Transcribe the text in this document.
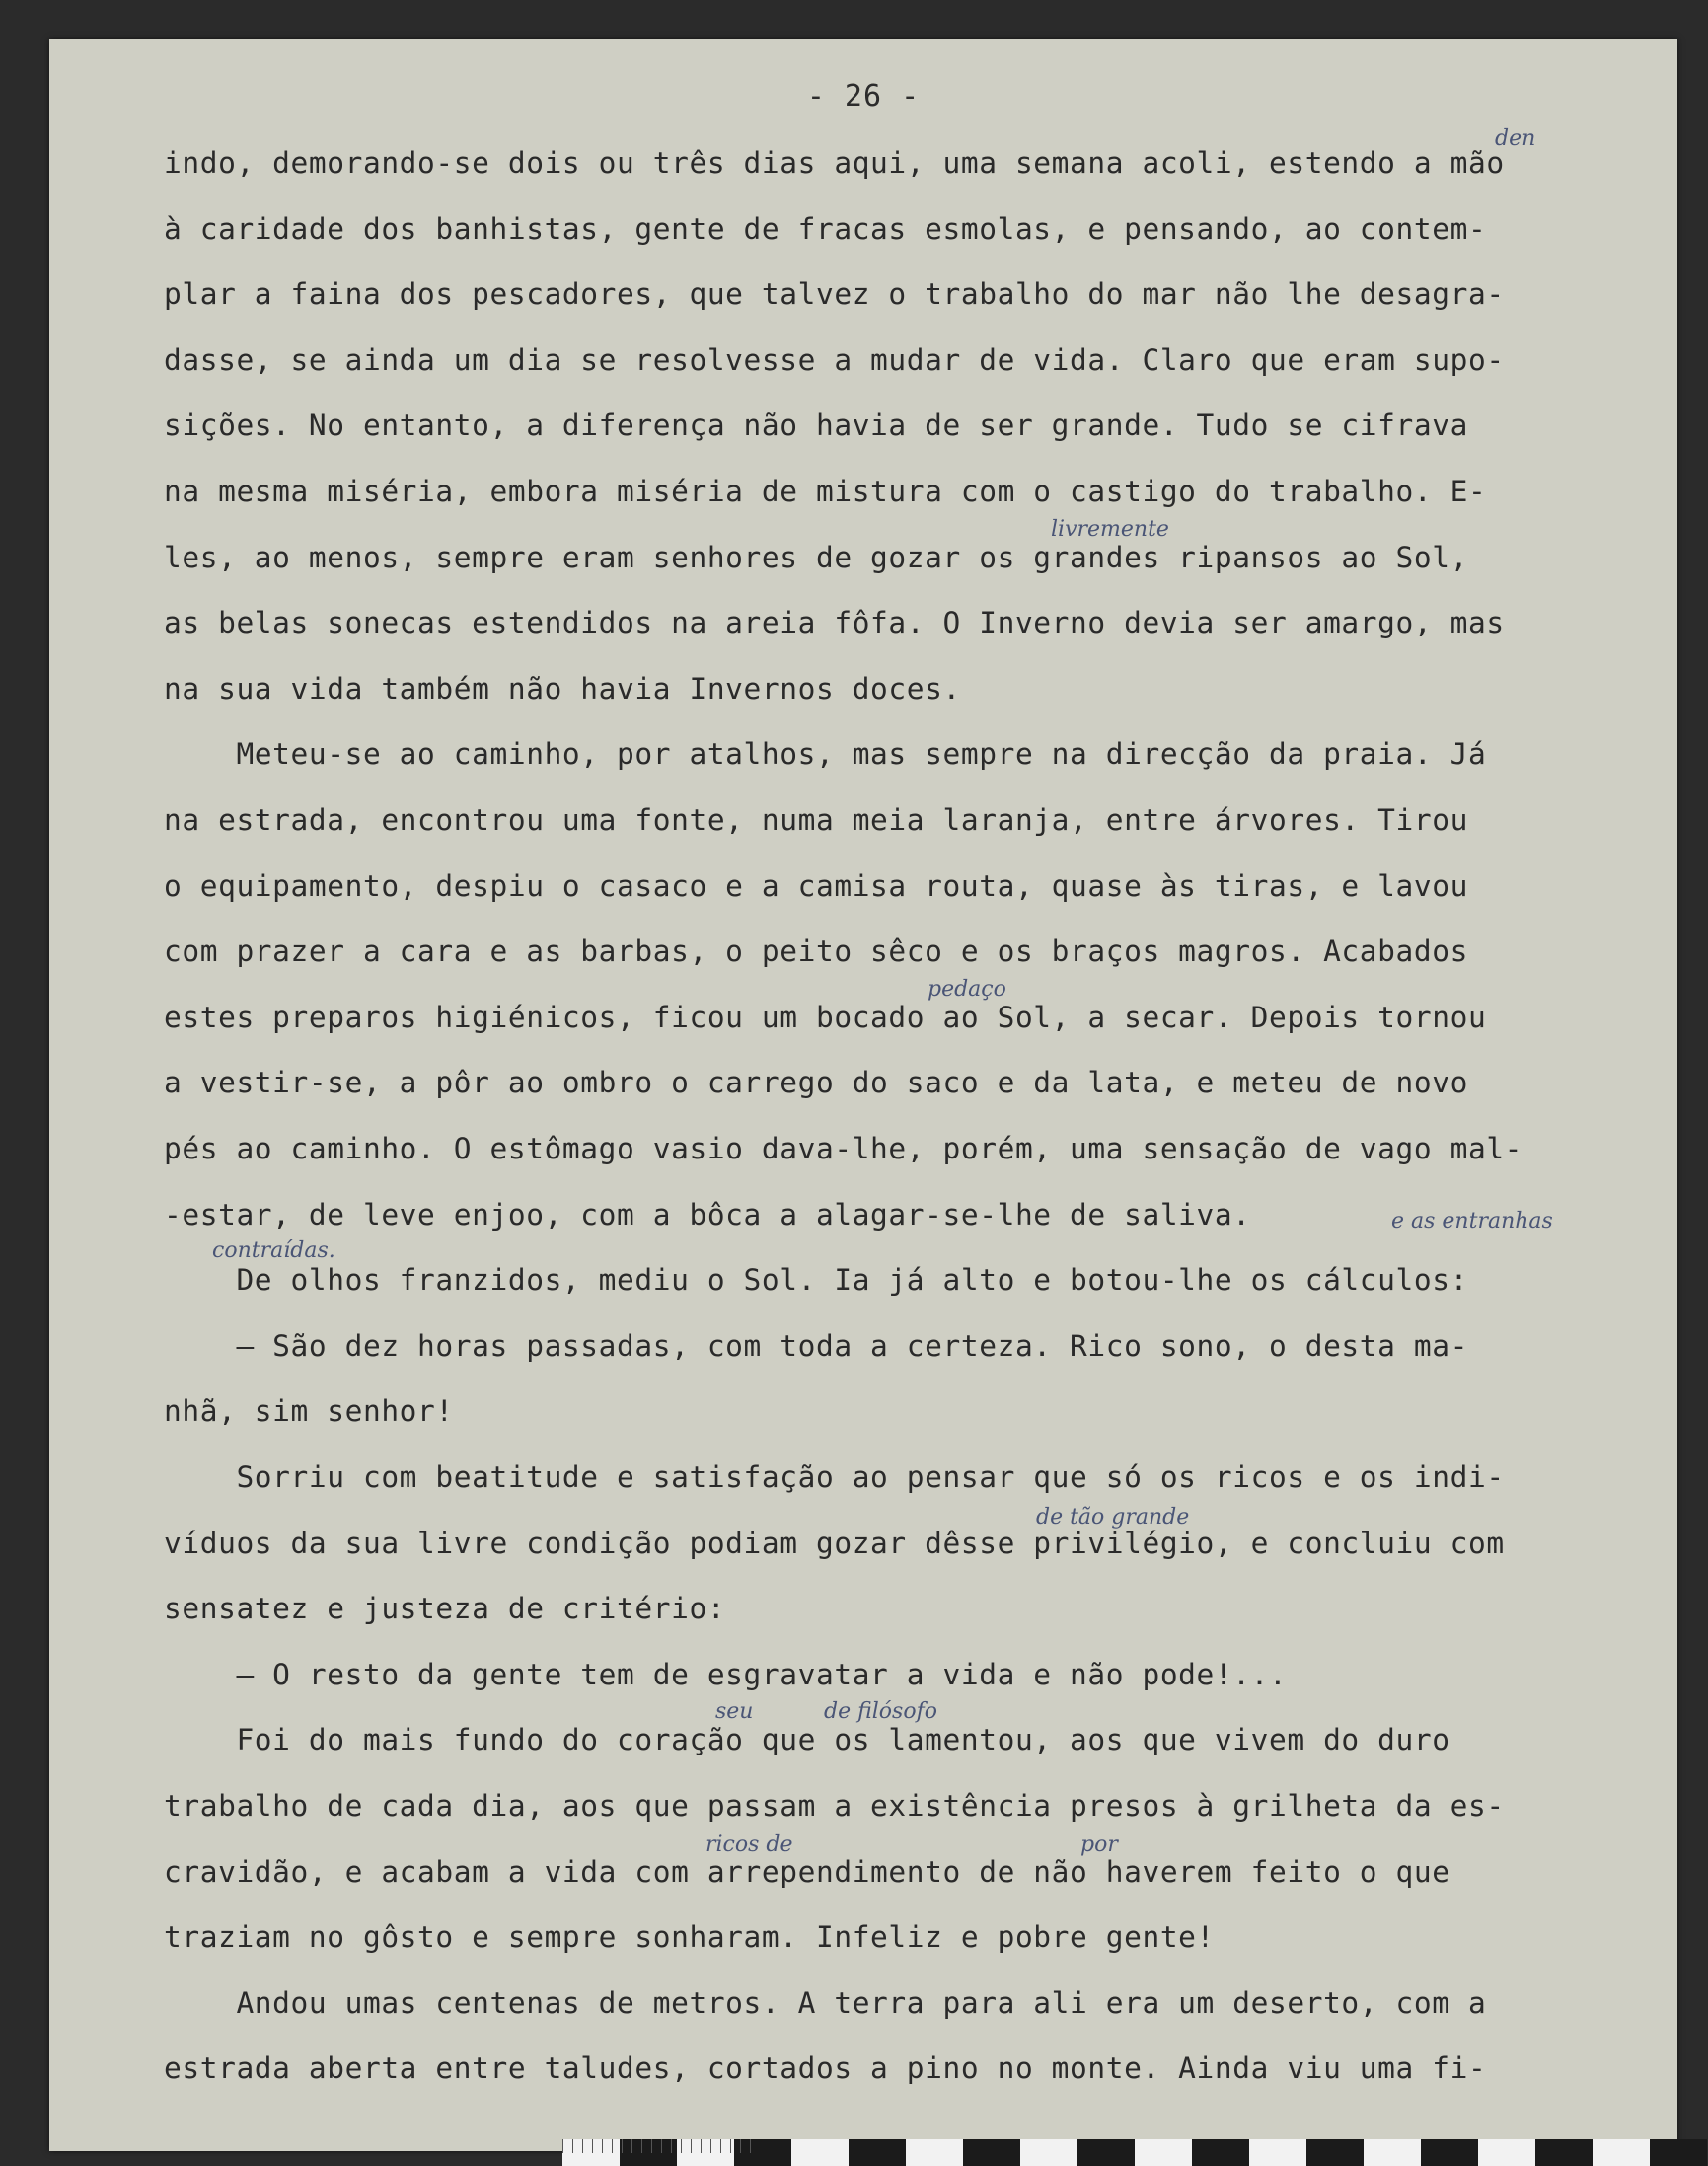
- 26 -
indo, demorando-se dois ou três dias aqui, uma semana acoli, estendo a mão
à caridade dos banhistas, gente de fracas esmolas, e pensando, ao contem-
plar a faina dos pescadores, que talvez o trabalho do mar não lhe desagra-
dasse, se ainda um dia se resolvesse a mudar de vida. Claro que eram supo-
sições. No entanto, a diferença não havia de ser grande. Tudo se cifrava
na mesma miséria, embora miséria de mistura com o castigo do trabalho. E-
les, ao menos, sempre eram senhores de gozar os grandes ripansos ao Sol,
as belas sonecas estendidos na areia fôfa. O Inverno devia ser amargo, mas
na sua vida também não havia Invernos doces.
Meteu-se ao caminho, por atalhos, mas sempre na direcção da praia. Já
na estrada, encontrou uma fonte, numa meia laranja, entre árvores. Tirou
o equipamento, despiu o casaco e a camisa routa, quase às tiras, e lavou
com prazer a cara e as barbas, o peito sêco e os braços magros. Acabados
estes preparos higiénicos, ficou um bocado ao Sol, a secar. Depois tornou
a vestir-se, a pôr ao ombro o carrego do saco e da lata, e meteu de novo
pés ao caminho. O estômago vasio dava-lhe, porém, uma sensação de vago mal-
-estar, de leve enjoo, com a bôca a alagar-se-lhe de saliva.
De olhos franzidos, mediu o Sol. Ia já alto e botou-lhe os cálculos:
— São dez horas passadas, com toda a certeza. Rico sono, o desta ma-
nhã, sim senhor!
Sorriu com beatitude e satisfação ao pensar que só os ricos e os indi-
víduos da sua livre condição podiam gozar dêsse privilégio, e concluiu com
sensatez e justeza de critério:
— O resto da gente tem de esgravatar a vida e não pode!...
Foi do mais fundo do coração que os lamentou, aos que vivem do duro
trabalho de cada dia, aos que passam a existência presos à grilheta da es-
cravidão, e acabam a vida com arrependimento de não haverem feito o que
traziam no gôsto e sempre sonharam. Infeliz e pobre gente!
Andou umas centenas de metros. A terra para ali era um deserto, com a
estrada aberta entre taludes, cortados a pino no monte. Ainda viu uma fi-
den
livremente
pedaço
e as entranhas
contraídas.
de tão grande
seu	de filósofo
ricos de	por
